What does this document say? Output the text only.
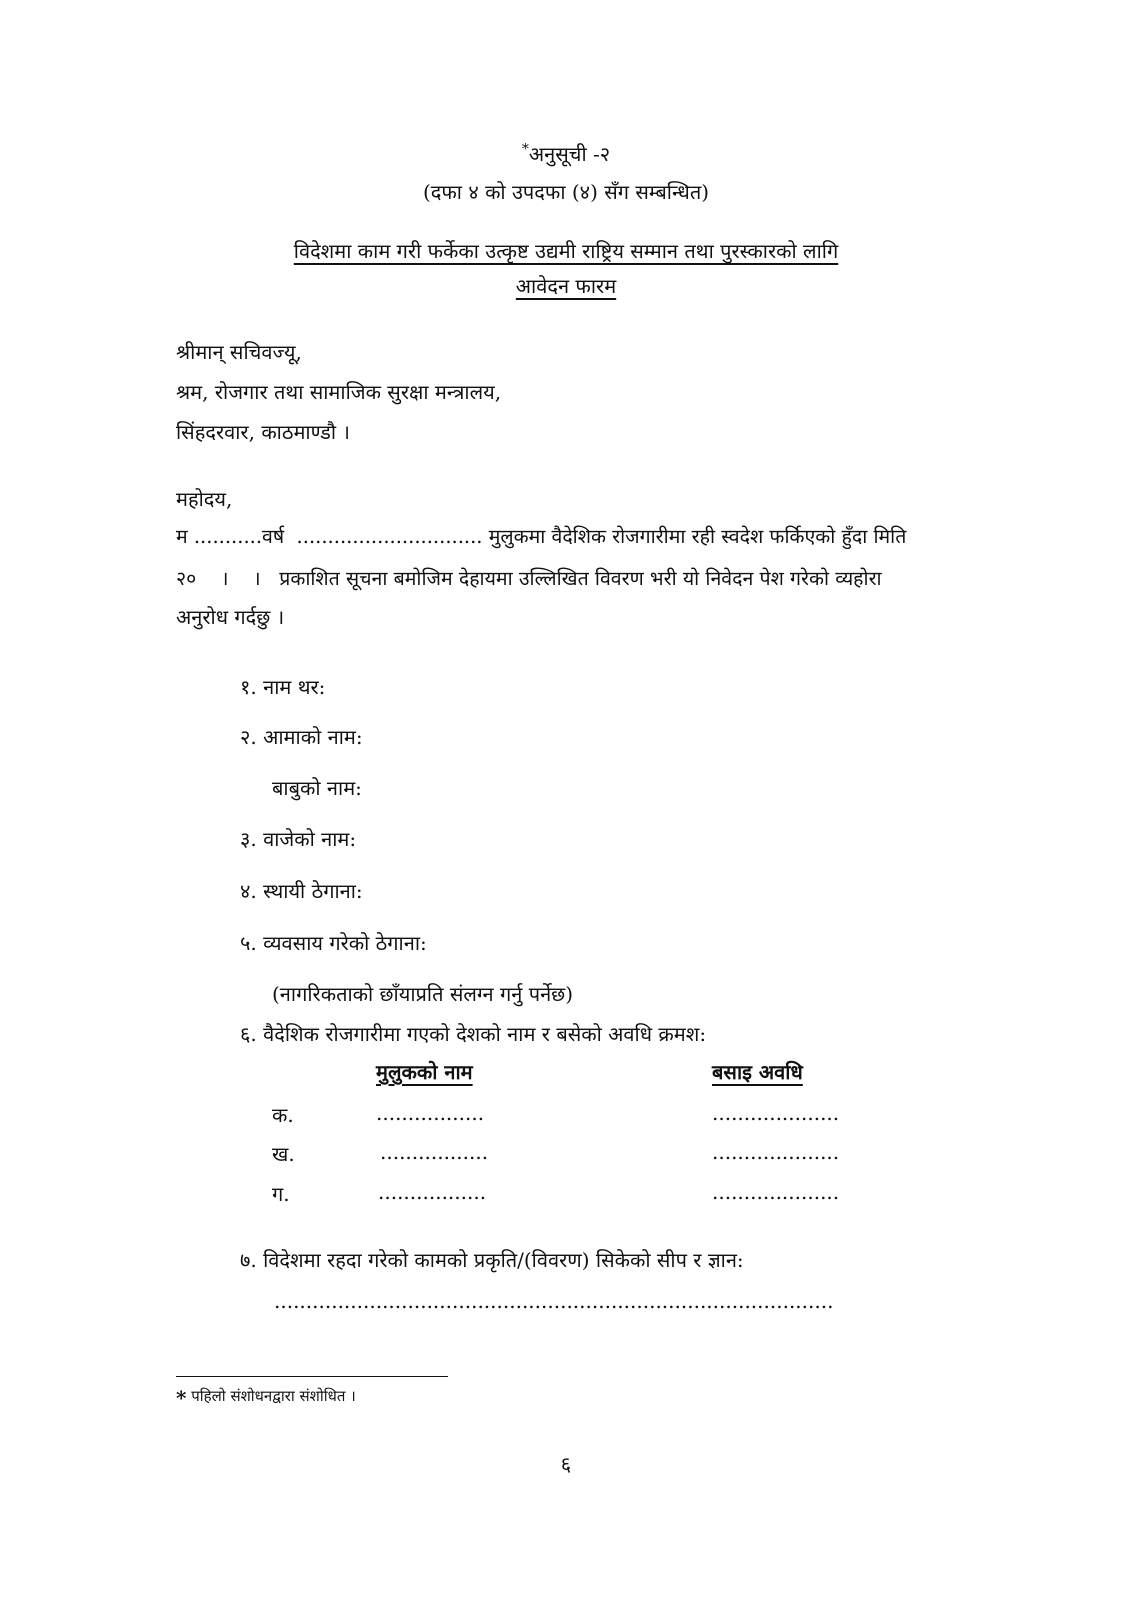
*अनुसूची -२
(दफा ४ को उपदफा (४) सँग सम्बन्धित)
विदेशमा काम गरी फर्केका उत्कृष्ट उद्यमी राष्ट्रिय सम्मान तथा पुरस्कारको लागि
आवेदन फारम
श्रीमान् सचिवज्यू,
श्रम, रोजगार तथा सामाजिक सुरक्षा मन्त्रालय,
सिंहदरवार, काठमाण्डौ ।
महोदय,
म ...........वर्ष  .............................. मुलुकमा वैदेशिक रोजगारीमा रही स्वदेश फर्किएको हुँदा मिति
२०    ।    ।   प्रकाशित सूचना बमोजिम देहायमा उल्लिखित विवरण भरी यो निवेदन पेश गरेको व्यहोरा
अनुरोध गर्दछु ।
१. नाम थर:
२. आमाको नाम:
बाबुको नाम:
३. वाजेको नाम:
४. स्थायी ठेगाना:
५. व्यवसाय गरेको ठेगाना:
(नागरिकताको छाँयाप्रति संलग्न गर्नु पर्नेछ)
६. वैदेशिक रोजगारीमा गएको देशको नाम र बसेको अवधि क्रमश:
मुलुकको नाम	बसाइ अवधि
क.	.................	....................
ख.	.................	....................
ग.	.................	....................
७. विदेशमा रहदा गरेको कामको प्रकृति/(विवरण) सिकेको सीप र ज्ञान:
........................................................................................
* पहिलो संशोधनद्वारा संशोधित ।
६
